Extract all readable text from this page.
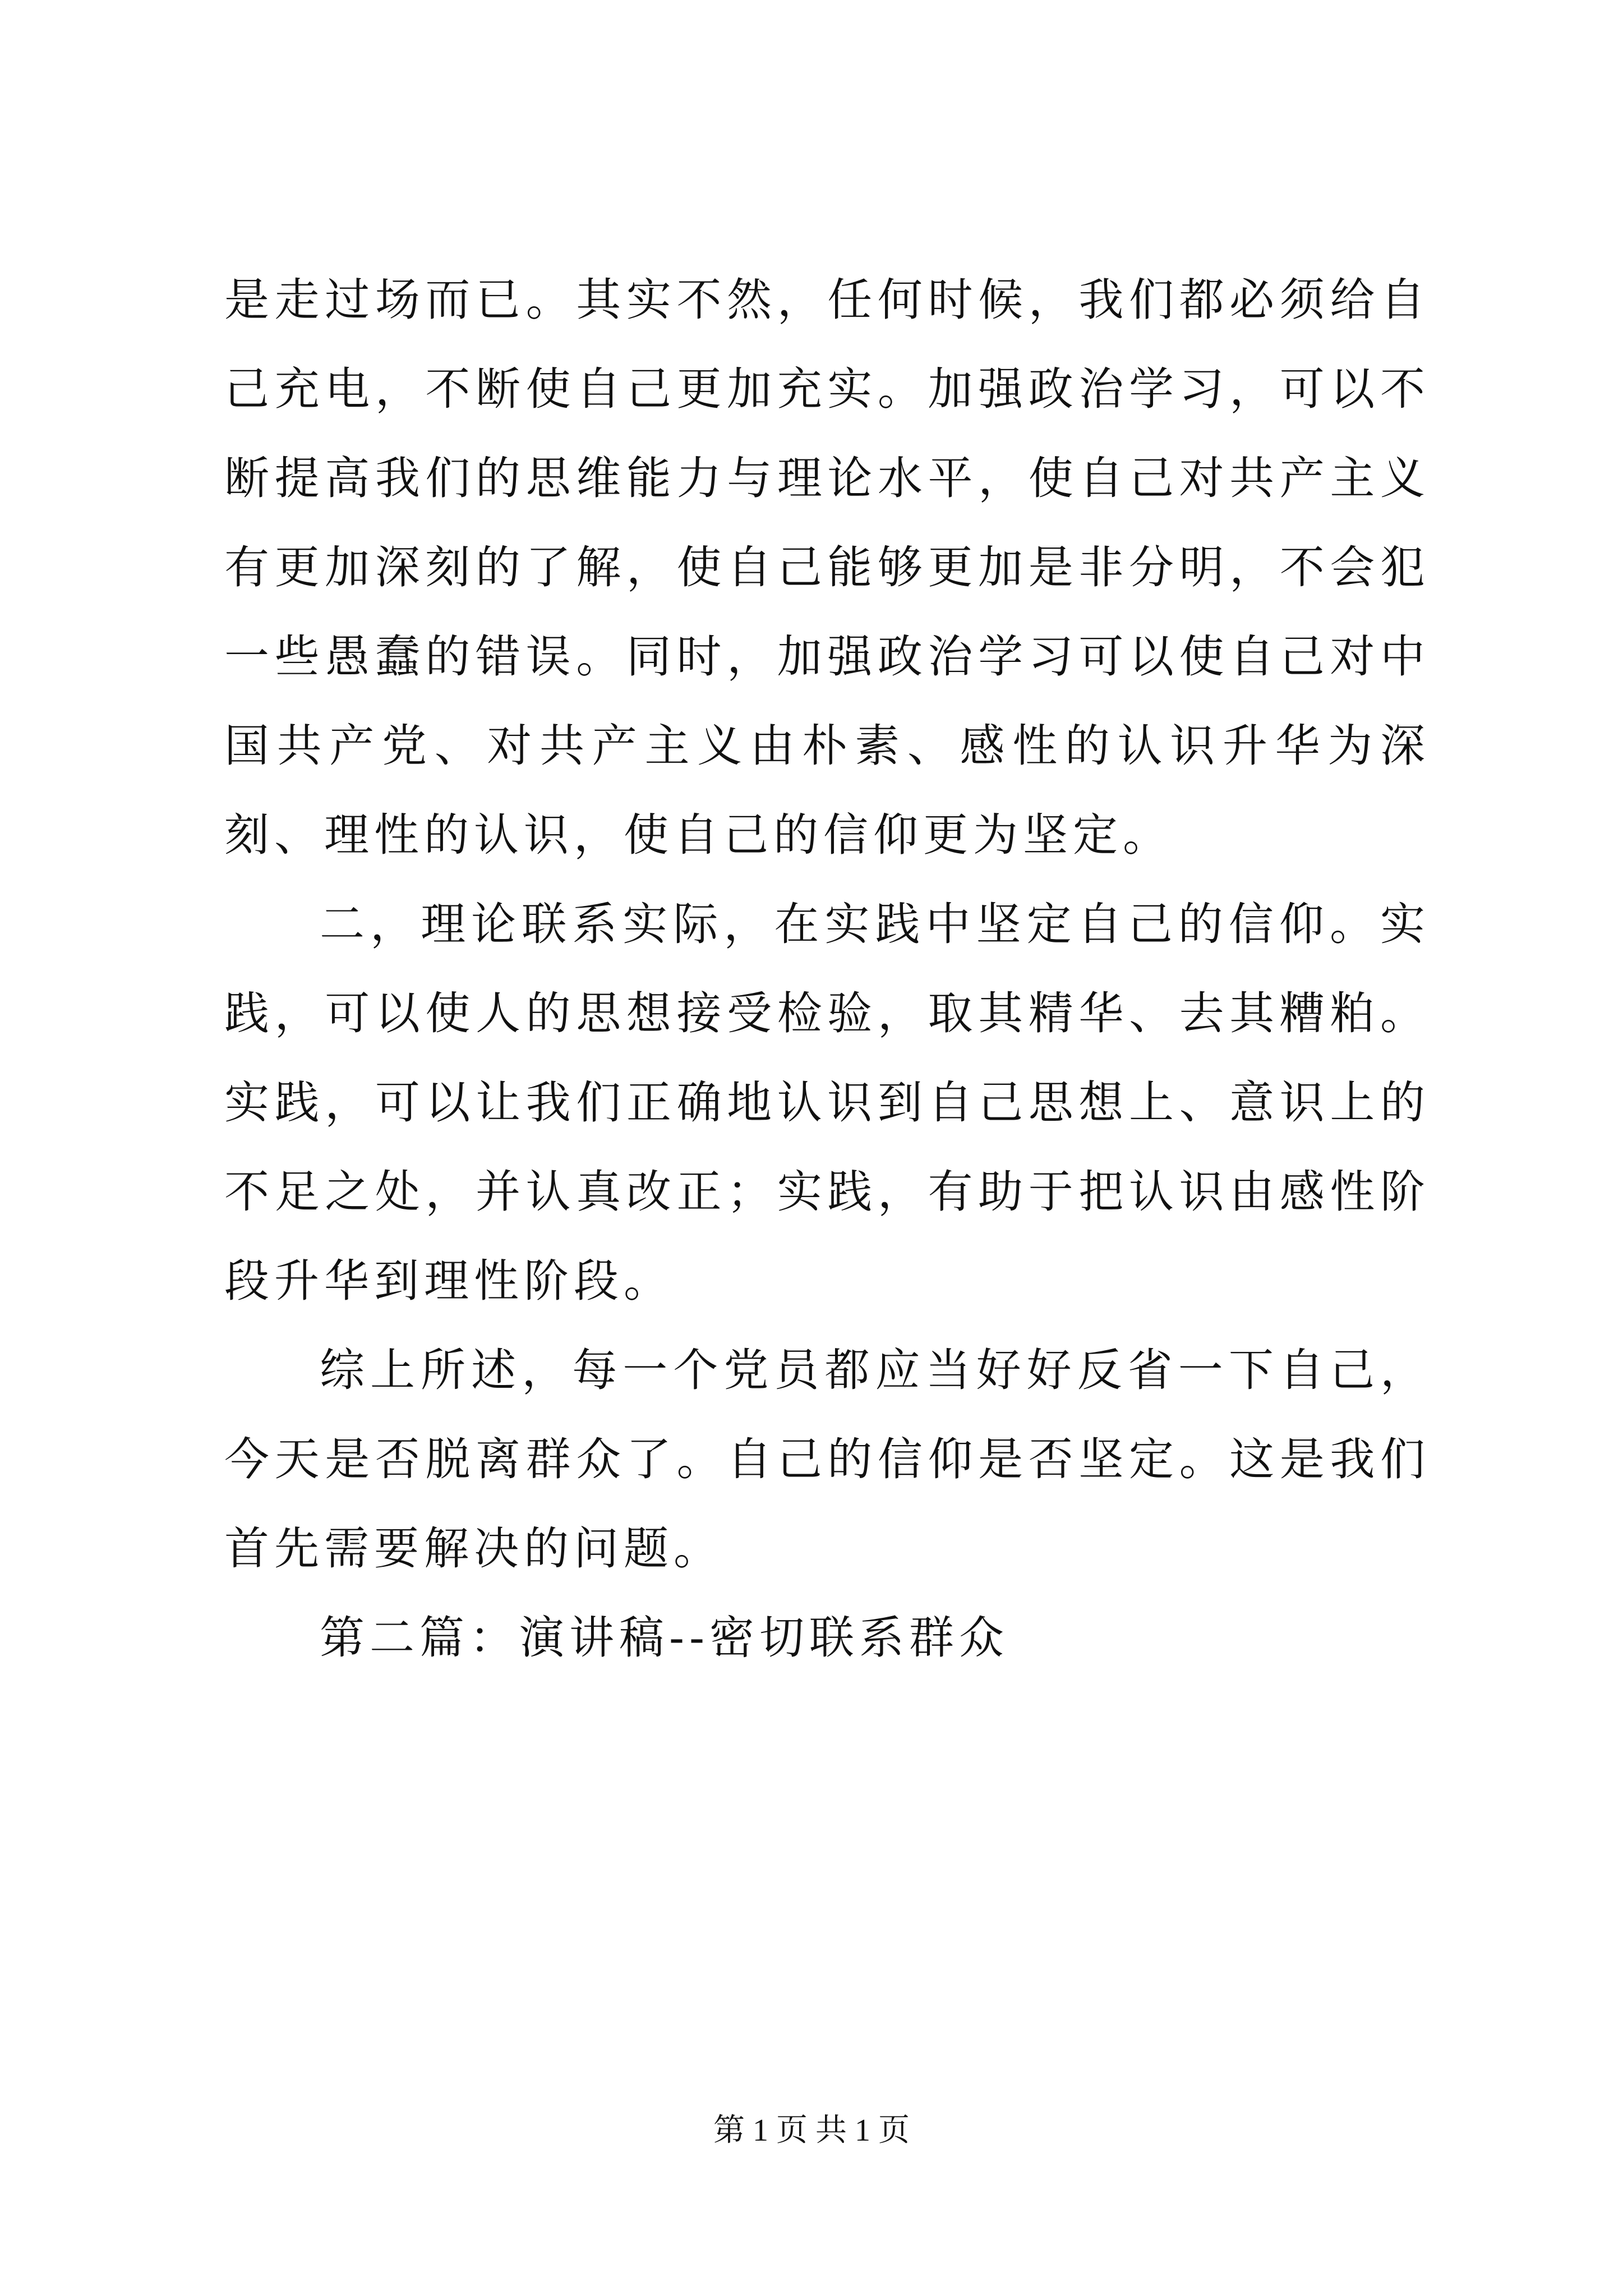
是走过场而已。其实不然，任何时候，我们都必须给自己充电，不断使自己更加充实。加强政治学习，可以不断提高我们的思维能力与理论水平，使自己对共产主义有更加深刻的了解，使自己能够更加是非分明，不会犯一些愚蠢的错误。同时，加强政治学习可以使自己对中国共产党、对共产主义由朴素、感性的认识升华为深刻、理性的认识，使自己的信仰更为坚定。

二，理论联系实际，在实践中坚定自己的信仰。实践，可以使人的思想接受检验，取其精华、去其糟粕。实践，可以让我们正确地认识到自己思想上、意识上的不足之处，并认真改正；实践，有助于把认识由感性阶段升华到理性阶段。

综上所述，每一个党员都应当好好反省一下自己，今天是否脱离群众了。自己的信仰是否坚定。这是我们首先需要解决的问题。

第二篇：演讲稿--密切联系群众

第 1 页 共 1 页
